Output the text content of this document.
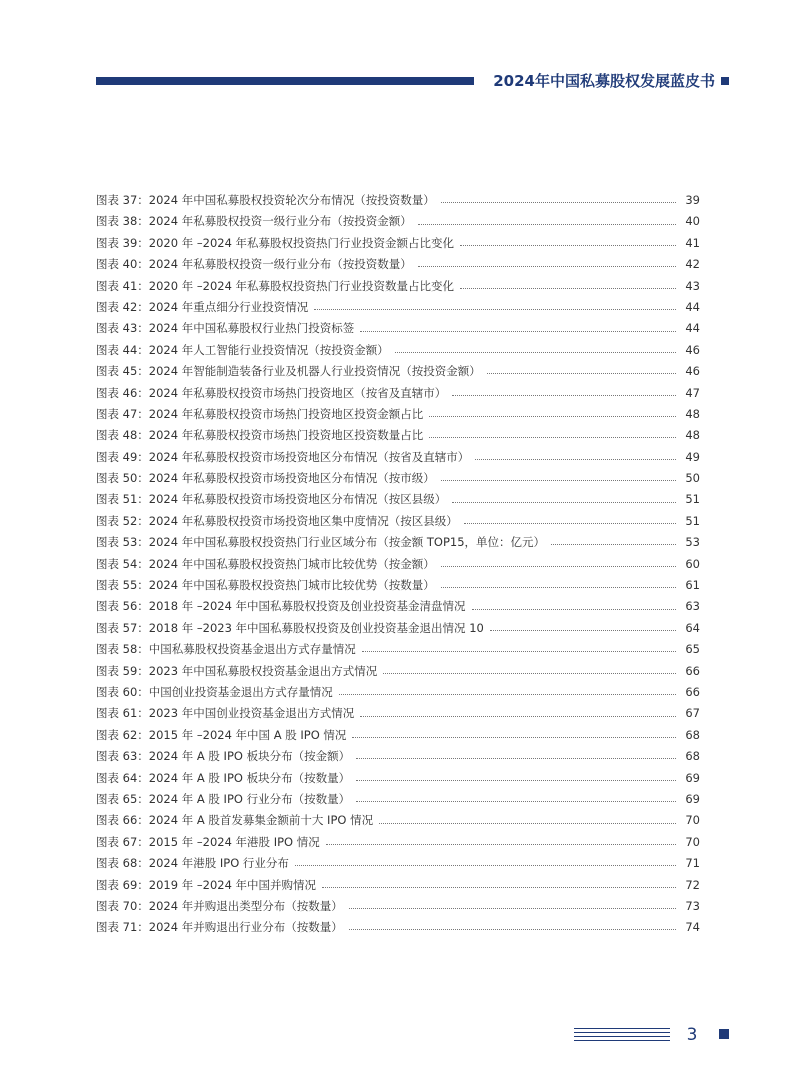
2024年中国私募股权发展蓝皮书
图表 37： 2024 年中国私募股权投资轮次分布情况（按投资数量）	39
图表 38： 2024 年私募股权投资一级行业分布（按投资金额）	40
图表 39： 2020 年 –2024 年私募股权投资热门行业投资金额占比变化	41
图表 40： 2024 年私募股权投资一级行业分布（按投资数量）	42
图表 41： 2020 年 –2024 年私募股权投资热门行业投资数量占比变化	43
图表 42： 2024 年重点细分行业投资情况	44
图表 43： 2024 年中国私募股权行业热门投资标签	44
图表 44： 2024 年人工智能行业投资情况（按投资金额）	46
图表 45： 2024 年智能制造装备行业及机器人行业投资情况（按投资金额）	46
图表 46： 2024 年私募股权投资市场热门投资地区（按省及直辖市）	47
图表 47： 2024 年私募股权投资市场热门投资地区投资金额占比	48
图表 48： 2024 年私募股权投资市场热门投资地区投资数量占比	48
图表 49： 2024 年私募股权投资市场投资地区分布情况（按省及直辖市）	49
图表 50： 2024 年私募股权投资市场投资地区分布情况（按市级）	50
图表 51： 2024 年私募股权投资市场投资地区分布情况（按区县级）	51
图表 52： 2024 年私募股权投资市场投资地区集中度情况（按区县级）	51
图表 53： 2024 年中国私募股权投资热门行业区域分布（按金额 TOP15，单位：亿元）	53
图表 54： 2024 年中国私募股权投资热门城市比较优势（按金额）	60
图表 55： 2024 年中国私募股权投资热门城市比较优势（按数量）	61
图表 56： 2018 年 –2024 年中国私募股权投资及创业投资基金清盘情况	63
图表 57： 2018 年 –2023 年中国私募股权投资及创业投资基金退出情况 10	64
图表 58： 中国私募股权投资基金退出方式存量情况	65
图表 59： 2023 年中国私募股权投资基金退出方式情况	66
图表 60： 中国创业投资基金退出方式存量情况	66
图表 61： 2023 年中国创业投资基金退出方式情况	67
图表 62： 2015 年 –2024 年中国 A 股 IPO 情况	68
图表 63： 2024 年 A 股 IPO 板块分布（按金额）	68
图表 64： 2024 年 A 股 IPO 板块分布（按数量）	69
图表 65： 2024 年 A 股 IPO 行业分布（按数量）	69
图表 66： 2024 年 A 股首发募集金额前十大 IPO 情况	70
图表 67： 2015 年 –2024 年港股 IPO 情况	70
图表 68： 2024 年港股 IPO 行业分布	71
图表 69： 2019 年 –2024 年中国并购情况	72
图表 70： 2024 年并购退出类型分布（按数量）	73
图表 71： 2024 年并购退出行业分布（按数量）	74
3
